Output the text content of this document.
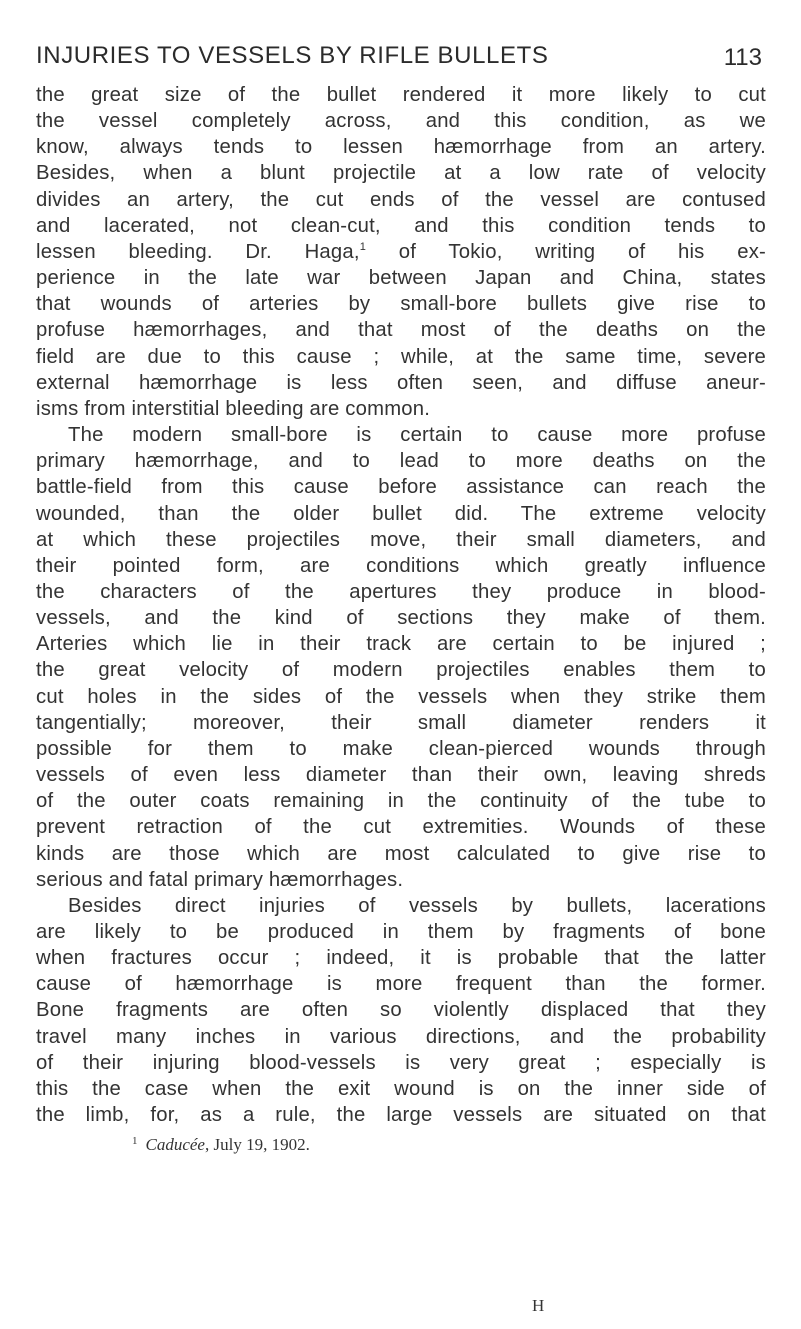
INJURIES TO VESSELS BY RIFLE BULLETS	113
the great size of the bullet rendered it more likely to cut
the vessel completely across, and this condition, as we
know, always tends to lessen hæmorrhage from an artery.
Besides, when a blunt projectile at a low rate of velocity
divides an artery, the cut ends of the vessel are contused
and lacerated, not clean-cut, and this condition tends to
lessen bleeding. Dr. Haga,$^1$ of Tokio, writing of his ex-
perience in the late war between Japan and China, states
that wounds of arteries by small-bore bullets give rise to
profuse hæmorrhages, and that most of the deaths on the
field are due to this cause ; while, at the same time, severe
external hæmorrhage is less often seen, and diffuse aneur-
isms from interstitial bleeding are common.
The modern small-bore is certain to cause more profuse
primary hæmorrhage, and to lead to more deaths on the
battle-field from this cause before assistance can reach the
wounded, than the older bullet did. The extreme velocity
at which these projectiles move, their small diameters, and
their pointed form, are conditions which greatly influence
the characters of the apertures they produce in blood-
vessels, and the kind of sections they make of them.
Arteries which lie in their track are certain to be injured ;
the great velocity of modern projectiles enables them to
cut holes in the sides of the vessels when they strike them
tangentially; moreover, their small diameter renders it
possible for them to make clean-pierced wounds through
vessels of even less diameter than their own, leaving shreds
of the outer coats remaining in the continuity of the tube to
prevent retraction of the cut extremities. Wounds of these
kinds are those which are most calculated to give rise to
serious and fatal primary hæmorrhages.
Besides direct injuries of vessels by bullets, lacerations
are likely to be produced in them by fragments of bone
when fractures occur ; indeed, it is probable that the latter
cause of hæmorrhage is more frequent than the former.
Bone fragments are often so violently displaced that they
travel many inches in various directions, and the probability
of their injuring blood-vessels is very great ; especially is
this the case when the exit wound is on the inner side of
the limb, for, as a rule, the large vessels are situated on that
$^1$ Caducée, July 19, 1902.
H
